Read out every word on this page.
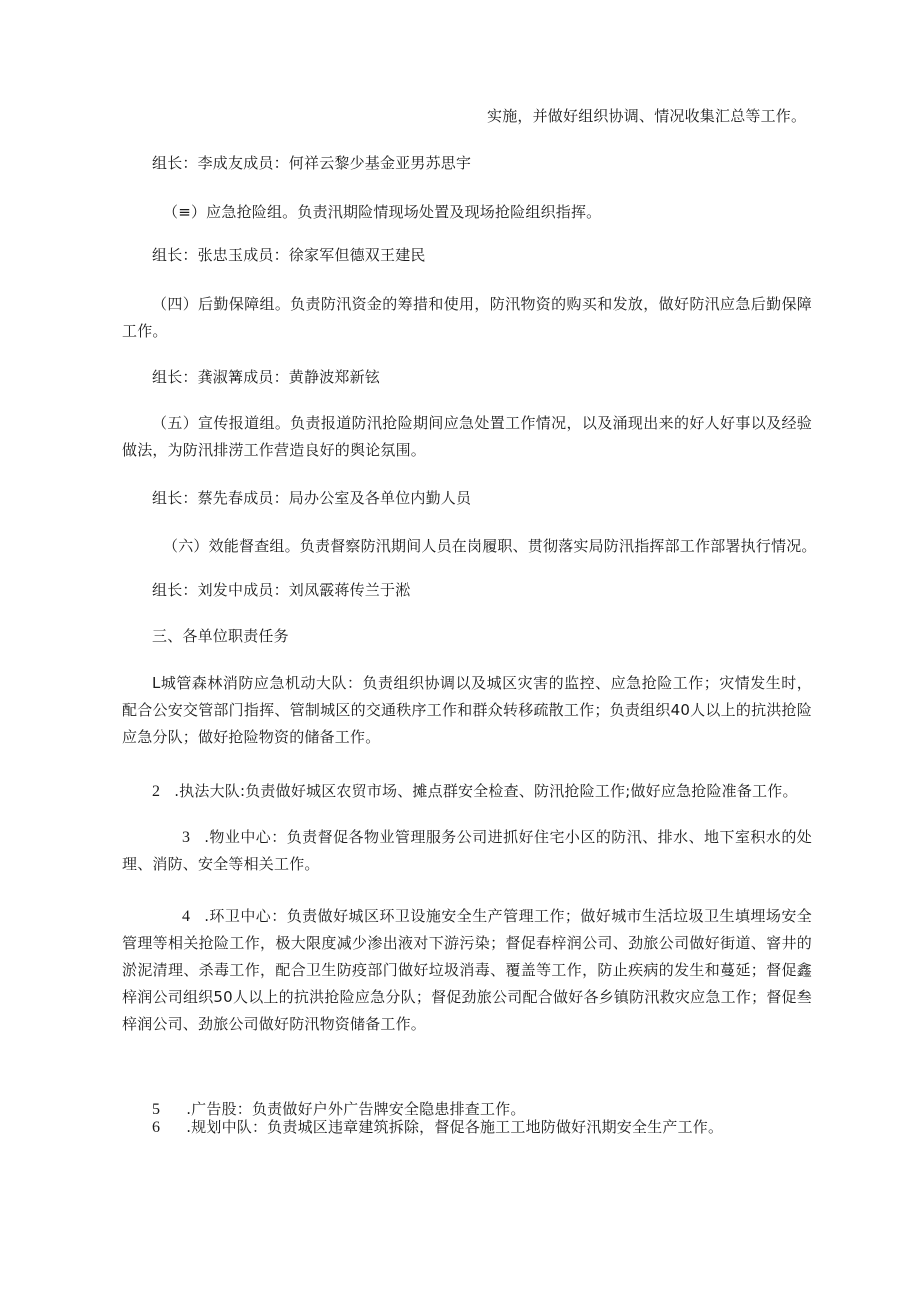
实施，并做好组织协调、情况收集汇总等工作。
组长：李成友成员：何祥云黎少基金亚男苏思宇
（≡）应急抢险组。负责汛期险情现场处置及现场抢险组织指挥。
组长：张忠玉成员：徐家军但德双王建民
（四）后勤保障组。负责防汛资金的筹措和使用，防汛物资的购买和发放，做好防汛应急后勤保障工作。
组长：龚淑篝成员：黄静波郑新铉
（五）宣传报道组。负责报道防汛抢险期间应急处置工作情况，以及涌现出来的好人好事以及经验做法，为防汛排涝工作营造良好的舆论氛围。
组长：蔡先春成员：局办公室及各单位内勤人员
（六）效能督查组。负责督察防汛期间人员在岗履职、贯彻落实局防汛指挥部工作部署执行情况。
组长：刘发中成员：刘凤霰蒋传兰于淞
三、各单位职责任务
L城管森林消防应急机动大队：负责组织协调以及城区灾害的监控、应急抢险工作；灾情发生时，配合公安交管部门指挥、管制城区的交通秩序工作和群众转移疏散工作；负责组织40人以上的抗洪抢险应急分队；做好抢险物资的储备工作。
2 .执法大队:负责做好城区农贸市场、摊点群安全检查、防汛抢险工作;做好应急抢险准备工作。
3 .物业中心：负责督促各物业管理服务公司进抓好住宅小区的防汛、排水、地下室积水的处理、消防、安全等相关工作。
4 .环卫中心：负责做好城区环卫设施安全生产管理工作；做好城市生活垃圾卫生填埋场安全管理等相关抢险工作，极大限度减少渗出液对下游污染；督促春梓润公司、劲旅公司做好街道、窨井的淤泥清理、杀毒工作，配合卫生防疫部门做好垃圾消毒、覆盖等工作，防止疾病的发生和蔓延；督促鑫梓润公司组织50人以上的抗洪抢险应急分队；督促劲旅公司配合做好各乡镇防汛救灾应急工作；督促叁梓润公司、劲旅公司做好防汛物资储备工作。
5 .广告股：负责做好户外广告牌安全隐患排查工作。
6 .规划中队：负责城区违章建筑拆除，督促各施工工地防做好汛期安全生产工作。
